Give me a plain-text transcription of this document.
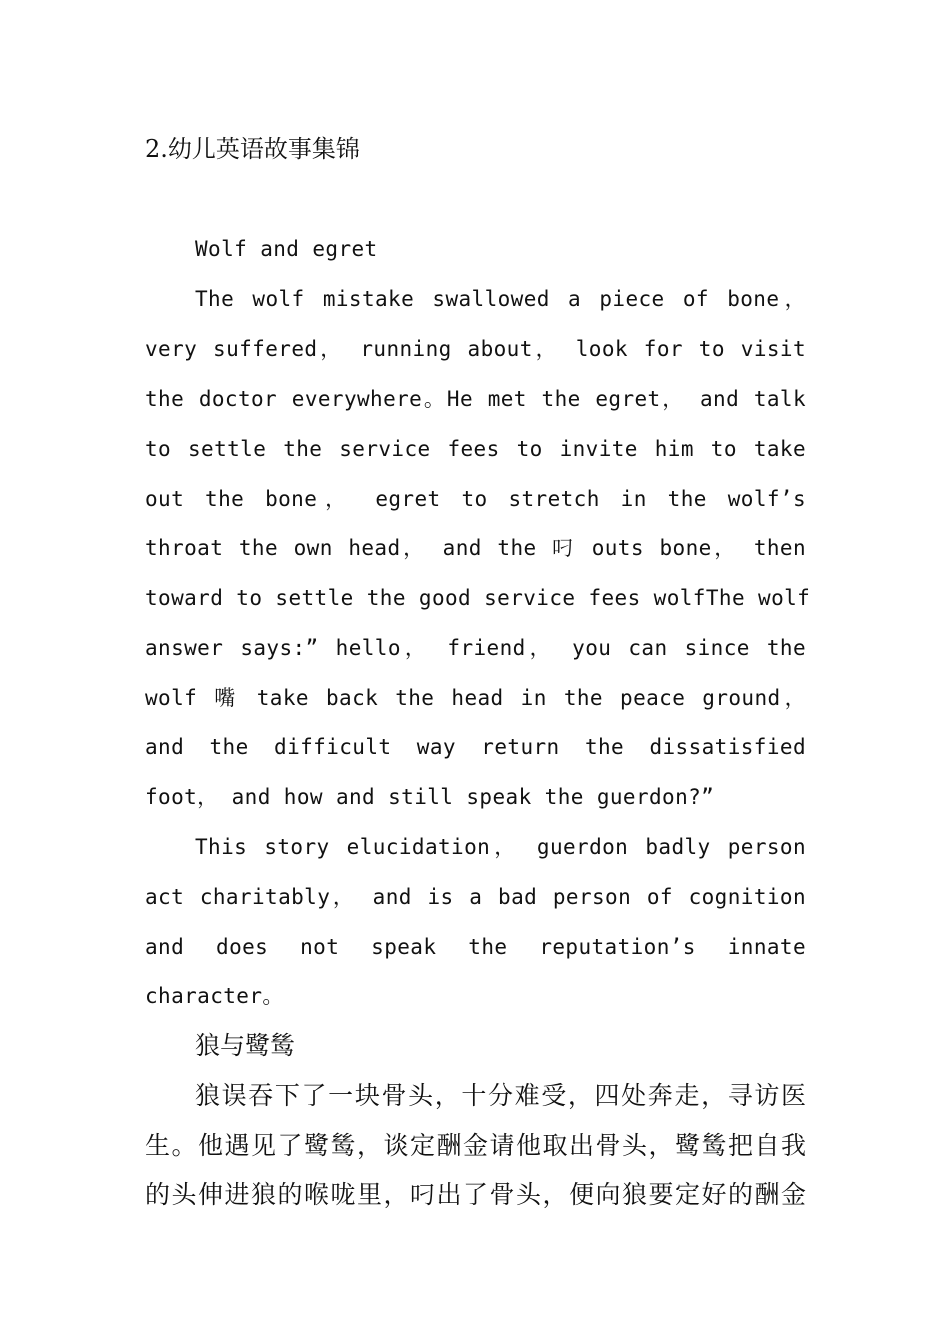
2.幼儿英语故事集锦
Wolf and egret
The wolf mistake swallowed a piece of bone，
very suffered， running about， look for to visit
the doctor everywhere。He met the egret， and talk
to settle the service fees to invite him to take
out the bone， egret to stretch in the wolf’s
throat the own head， and the 叼 outs bone， then
toward to settle the good service fees wolfThe wolf
answer says:” hello， friend， you can since the
wolf 嘴 take back the head in the peace ground，
and the difficult way return the dissatisfied
foot， and how and still speak the guerdon?”
This story elucidation， guerdon badly person
act charitably， and is a bad person of cognition
and does not speak the reputation’s innate
character。
狼与鹭鸶
狼误吞下了一块骨头，十分难受，四处奔走，寻访医
生。他遇见了鹭鸶，谈定酬金请他取出骨头，鹭鸶把自我
的头伸进狼的喉咙里，叼出了骨头，便向狼要定好的酬金
